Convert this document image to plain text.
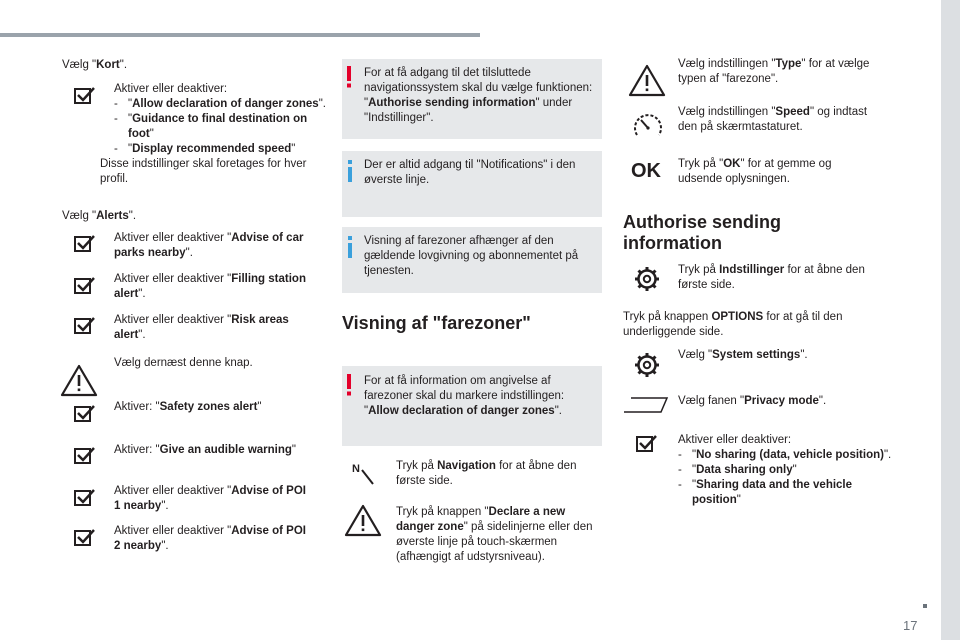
17
Vælg "Kort".
Aktiver eller deaktiver:
- "Allow declaration of danger zones".
- "Guidance to final destination on foot"
- "Display recommended speed"
Disse indstillinger skal foretages for hver profil.
Vælg "Alerts".
Aktiver eller deaktiver "Advise of car parks nearby".
Aktiver eller deaktiver "Filling station alert".
Aktiver eller deaktiver "Risk areas alert".
Vælg dernæst denne knap.
Aktiver: "Safety zones alert"
Aktiver: "Give an audible warning"
Aktiver eller deaktiver "Advise of POI 1 nearby".
Aktiver eller deaktiver "Advise of POI 2 nearby".
For at få adgang til det tilsluttede navigationssystem skal du vælge funktionen: "Authorise sending information" under "Indstillinger".
Der er altid adgang til "Notifications" i den øverste linje.
Visning af farezoner afhænger af den gældende lovgivning og abonnementet på tjenesten.
Visning af "farezoner"
For at få information om angivelse af farezoner skal du markere indstillingen: "Allow declaration of danger zones".
N	Tryk på Navigation for at åbne den første side.
Tryk på knappen "Declare a new danger zone" på sidelinjerne eller den øverste linje på touch-skærmen (afhængigt af udstyrsniveau).
Vælg indstillingen "Type" for at vælge typen af "farezone".
Vælg indstillingen "Speed" og indtast den på skærmtastaturet.
OK Tryk på "OK" for at gemme og udsende oplysningen.
Authorise sending information
Tryk på Indstillinger for at åbne den første side.
Tryk på knappen OPTIONS for at gå til den underliggende side.
Vælg "System settings".
Vælg fanen "Privacy mode".
Aktiver eller deaktiver:
- "No sharing (data, vehicle position)".
- "Data sharing only"
- "Sharing data and the vehicle position"
